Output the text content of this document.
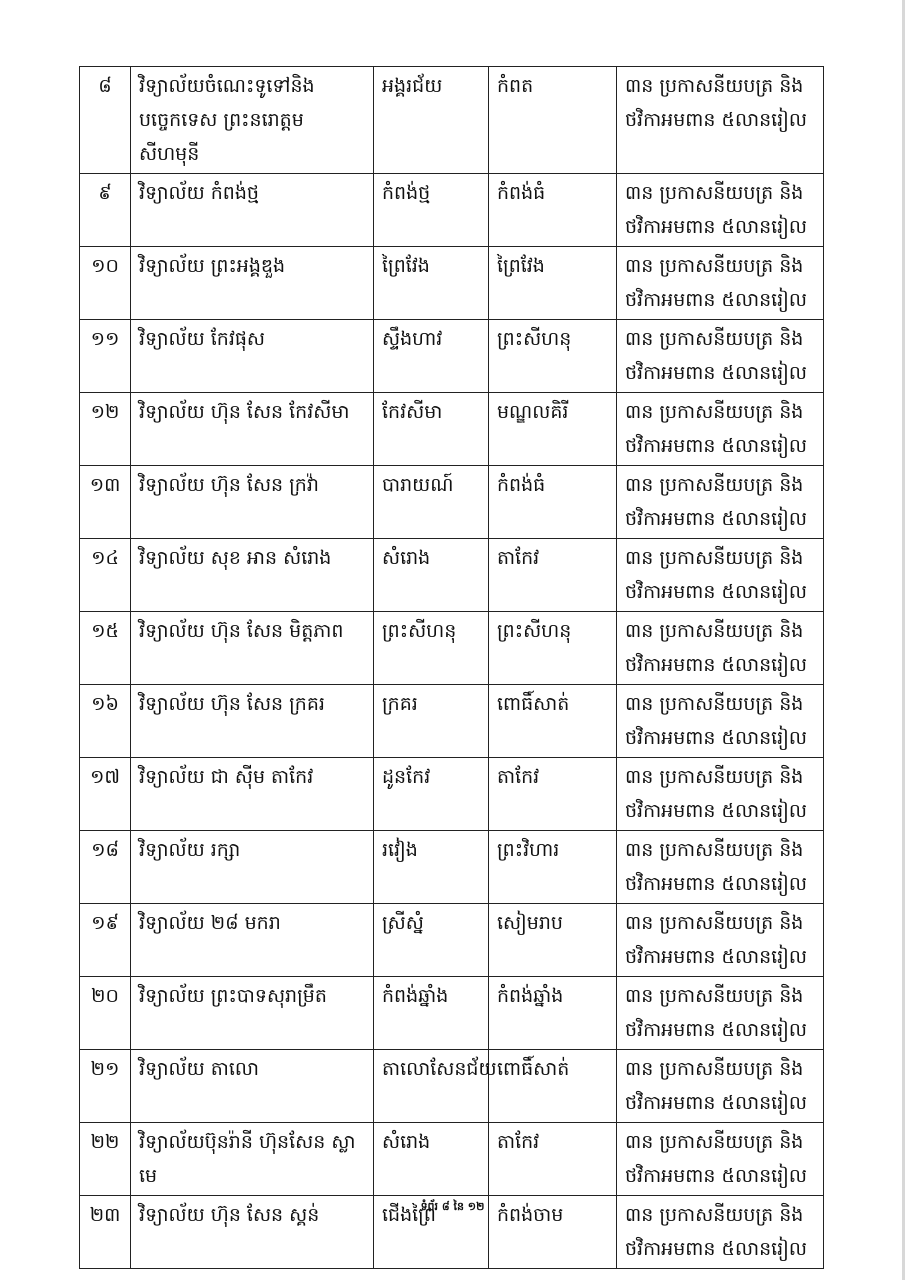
៨	វិទ្យាល័យចំណេះទូទៅនិងបច្ចេកទេស ព្រះនរោត្តម សីហមុនី	អង្គរជ័យ	កំពត	៣ន ប្រកាសនីយបត្រ និង ថវិកាអមពាន ៥លានរៀល
៩	វិទ្យាល័យ កំពង់ថ្ម	កំពង់ថ្ម	កំពង់ធំ	៣ន ប្រកាសនីយបត្រ និង ថវិកាអមពាន ៥លានរៀល
១០	វិទ្យាល័យ ព្រះអង្គឌួង	ព្រៃវែង	ព្រៃវែង	៣ន ប្រកាសនីយបត្រ និង ថវិកាអមពាន ៥លានរៀល
១១	វិទ្យាល័យ កែវផុស	ស្ទឹងហាវ	ព្រះសីហនុ	៣ន ប្រកាសនីយបត្រ និង ថវិកាអមពាន ៥លានរៀល
១២	វិទ្យាល័យ ហ៊ុន សែន កែវសីមា	កែវសីមា	មណ្ឌលគិរី	៣ន ប្រកាសនីយបត្រ និង ថវិកាអមពាន ៥លានរៀល
១៣	វិទ្យាល័យ ហ៊ុន សែន ក្រវ៉ា	បារាយណ៍	កំពង់ធំ	៣ន ប្រកាសនីយបត្រ និង ថវិកាអមពាន ៥លានរៀល
១៤	វិទ្យាល័យ សុខ អាន សំរោង	សំរោង	តាកែវ	៣ន ប្រកាសនីយបត្រ និង ថវិកាអមពាន ៥លានរៀល
១៥	វិទ្យាល័យ ហ៊ុន សែន មិត្តភាព	ព្រះសីហនុ	ព្រះសីហនុ	៣ន ប្រកាសនីយបត្រ និង ថវិកាអមពាន ៥លានរៀល
១៦	វិទ្យាល័យ ហ៊ុន សែន ក្រគរ	ក្រគរ	ពោធិ៍សាត់	៣ន ប្រកាសនីយបត្រ និង ថវិកាអមពាន ៥លានរៀល
១៧	វិទ្យាល័យ ជា ស៊ីម តាកែវ	ដូនកែវ	តាកែវ	៣ន ប្រកាសនីយបត្រ និង ថវិកាអមពាន ៥លានរៀល
១៨	វិទ្យាល័យ រក្សា	រវៀង	ព្រះវិហារ	៣ន ប្រកាសនីយបត្រ និង ថវិកាអមពាន ៥លានរៀល
១៩	វិទ្យាល័យ ២៨ មករា	ស្រីស្នំ	សៀមរាប	៣ន ប្រកាសនីយបត្រ និង ថវិកាអមពាន ៥លានរៀល
២០	វិទ្យាល័យ ព្រះបាទសុរាម្រឹត	កំពង់ឆ្នាំង	កំពង់ឆ្នាំង	៣ន ប្រកាសនីយបត្រ និង ថវិកាអមពាន ៥លានរៀល
២១	វិទ្យាល័យ តាលោ	តាលោសែនជ័យ	ពោធិ៍សាត់	៣ន ប្រកាសនីយបត្រ និង ថវិកាអមពាន ៥លានរៀល
២២	វិទ្យាល័យប៊ុនរ៉ានី ហ៊ុនសែន ស្លាមេ	សំរោង	តាកែវ	៣ន ប្រកាសនីយបត្រ និង ថវិកាអមពាន ៥លានរៀល
២៣	វិទ្យាល័យ ហ៊ុន សែន ស្គន់	ជើងព្រៃ	កំពង់ចាម	៣ន ប្រកាសនីយបត្រ និង ថវិកាអមពាន ៥លានរៀល
ទំព័រ ៨ នៃ ១២
